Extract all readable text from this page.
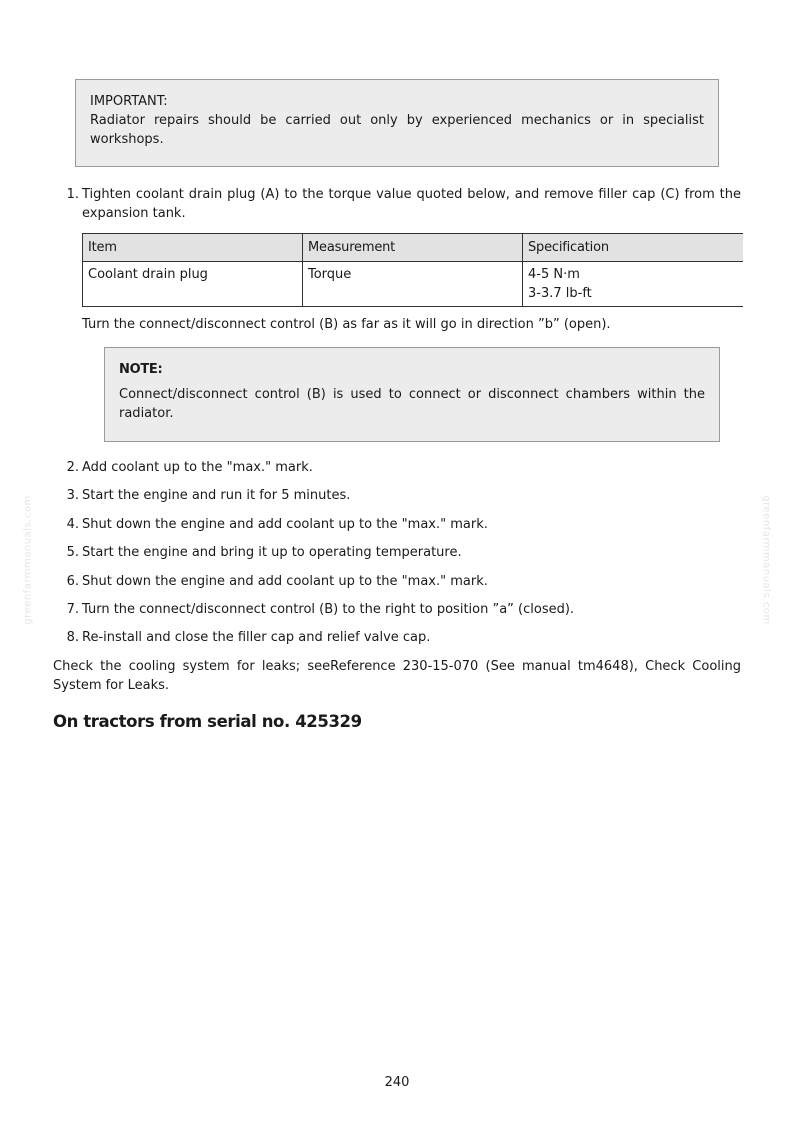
IMPORTANT:

Radiator repairs should be carried out only by experienced mechanics or in specialist workshops.

1. Tighten coolant drain plug (A) to the torque value quoted below, and remove filler cap (C) from the expansion tank.
Item	Measurement	Specification
Coolant drain plug	Torque	4-5 N·m
3-3.7 lb-ft
Turn the connect/disconnect control (B) as far as it will go in direction ”b” (open).

NOTE:

Connect/disconnect control (B) is used to connect or disconnect chambers within the radiator.

2. Add coolant up to the "max." mark.
3. Start the engine and run it for 5 minutes.
4. Shut down the engine and add coolant up to the "max." mark.
5. Start the engine and bring it up to operating temperature.
6. Shut down the engine and add coolant up to the "max." mark.
7. Turn the connect/disconnect control (B) to the right to position ”a” (closed).
8. Re-install and close the filler cap and relief valve cap.
Check the cooling system for leaks; seeReference 230-15-070 (See manual tm4648), Check Cooling System for Leaks.
On tractors from serial no. 425329
greenfarmmanuals.com	greenfarmmanuals.com
240
